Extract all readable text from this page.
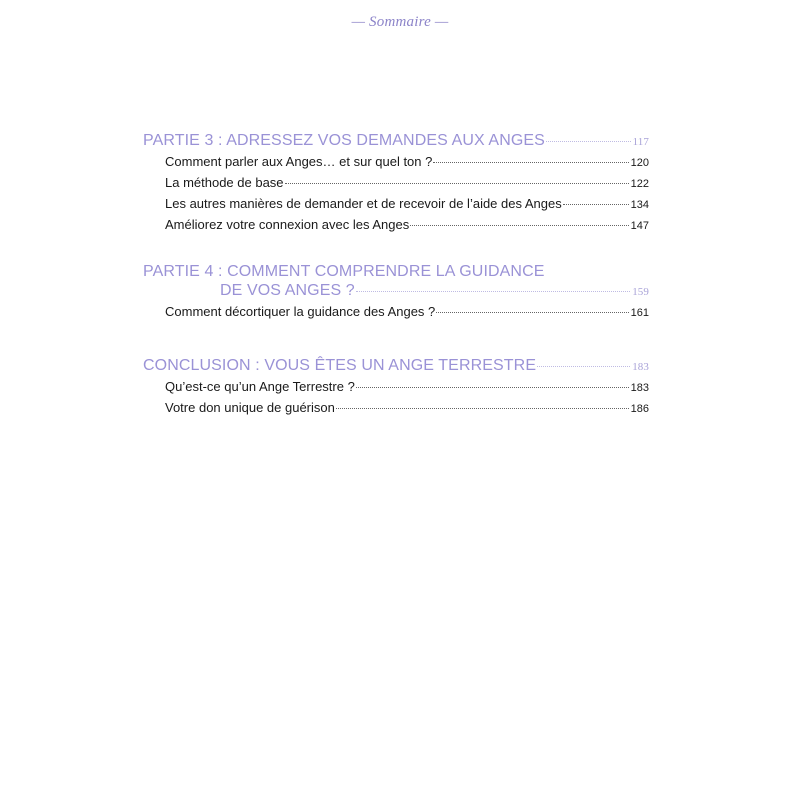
— Sommaire —
PARTIE 3 : ADRESSEZ VOS DEMANDES AUX ANGES	117
Comment parler aux Anges… et sur quel ton ?	120
La méthode de base	122
Les autres manières de demander et de recevoir de l’aide des Anges	134
Améliorez votre connexion avec les Anges	147
PARTIE 4 : COMMENT COMPRENDRE LA GUIDANCE
DE VOS ANGES ?	159
Comment décortiquer la guidance des Anges ?	161
CONCLUSION : VOUS ÊTES UN ANGE TERRESTRE	183
Qu’est-ce qu’un Ange Terrestre ?	183
Votre don unique de guérison	186
